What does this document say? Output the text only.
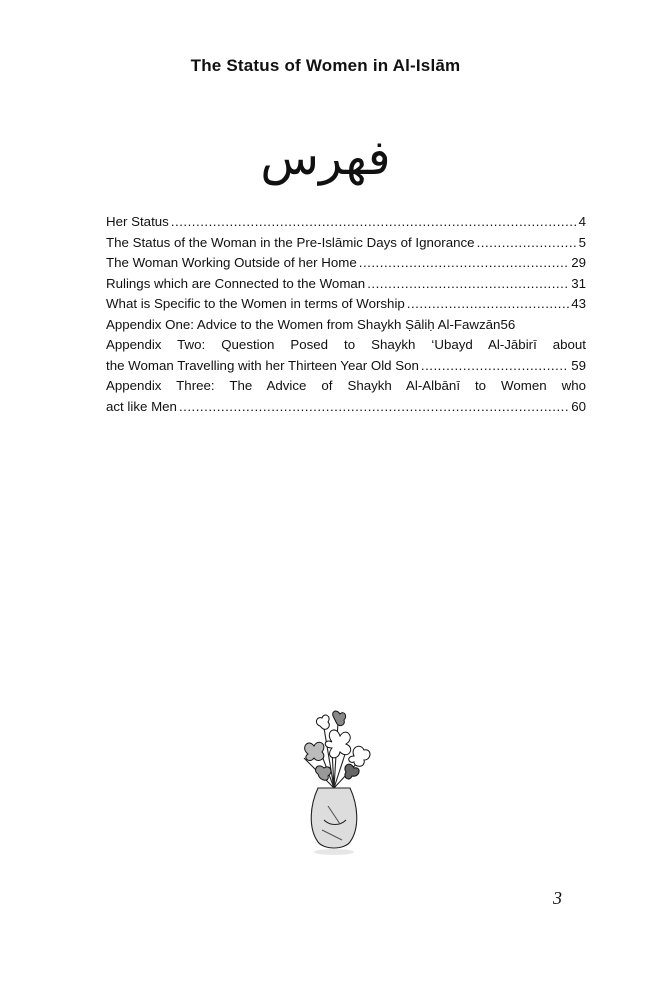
The Status of Women in Al-Islām
فهرس
Her Status .....	4
The Status of the Woman in the Pre-Islāmic Days of Ignorance .....	5
The Woman Working Outside of her Home .....	29
Rulings which are Connected to the Woman .....	31
What is Specific to the Women in terms of Worship .....	43
Appendix One: Advice to the Women from Shaykh Ṣāliḥ Al-Fawzān 56
Appendix Two: Question Posed to Shaykh ‘Ubayd Al-Jābirī about
the Woman Travelling with her Thirteen Year Old Son .....	59
Appendix Three: The Advice of Shaykh Al-Albānī to Women who
act like Men .....	60
3
